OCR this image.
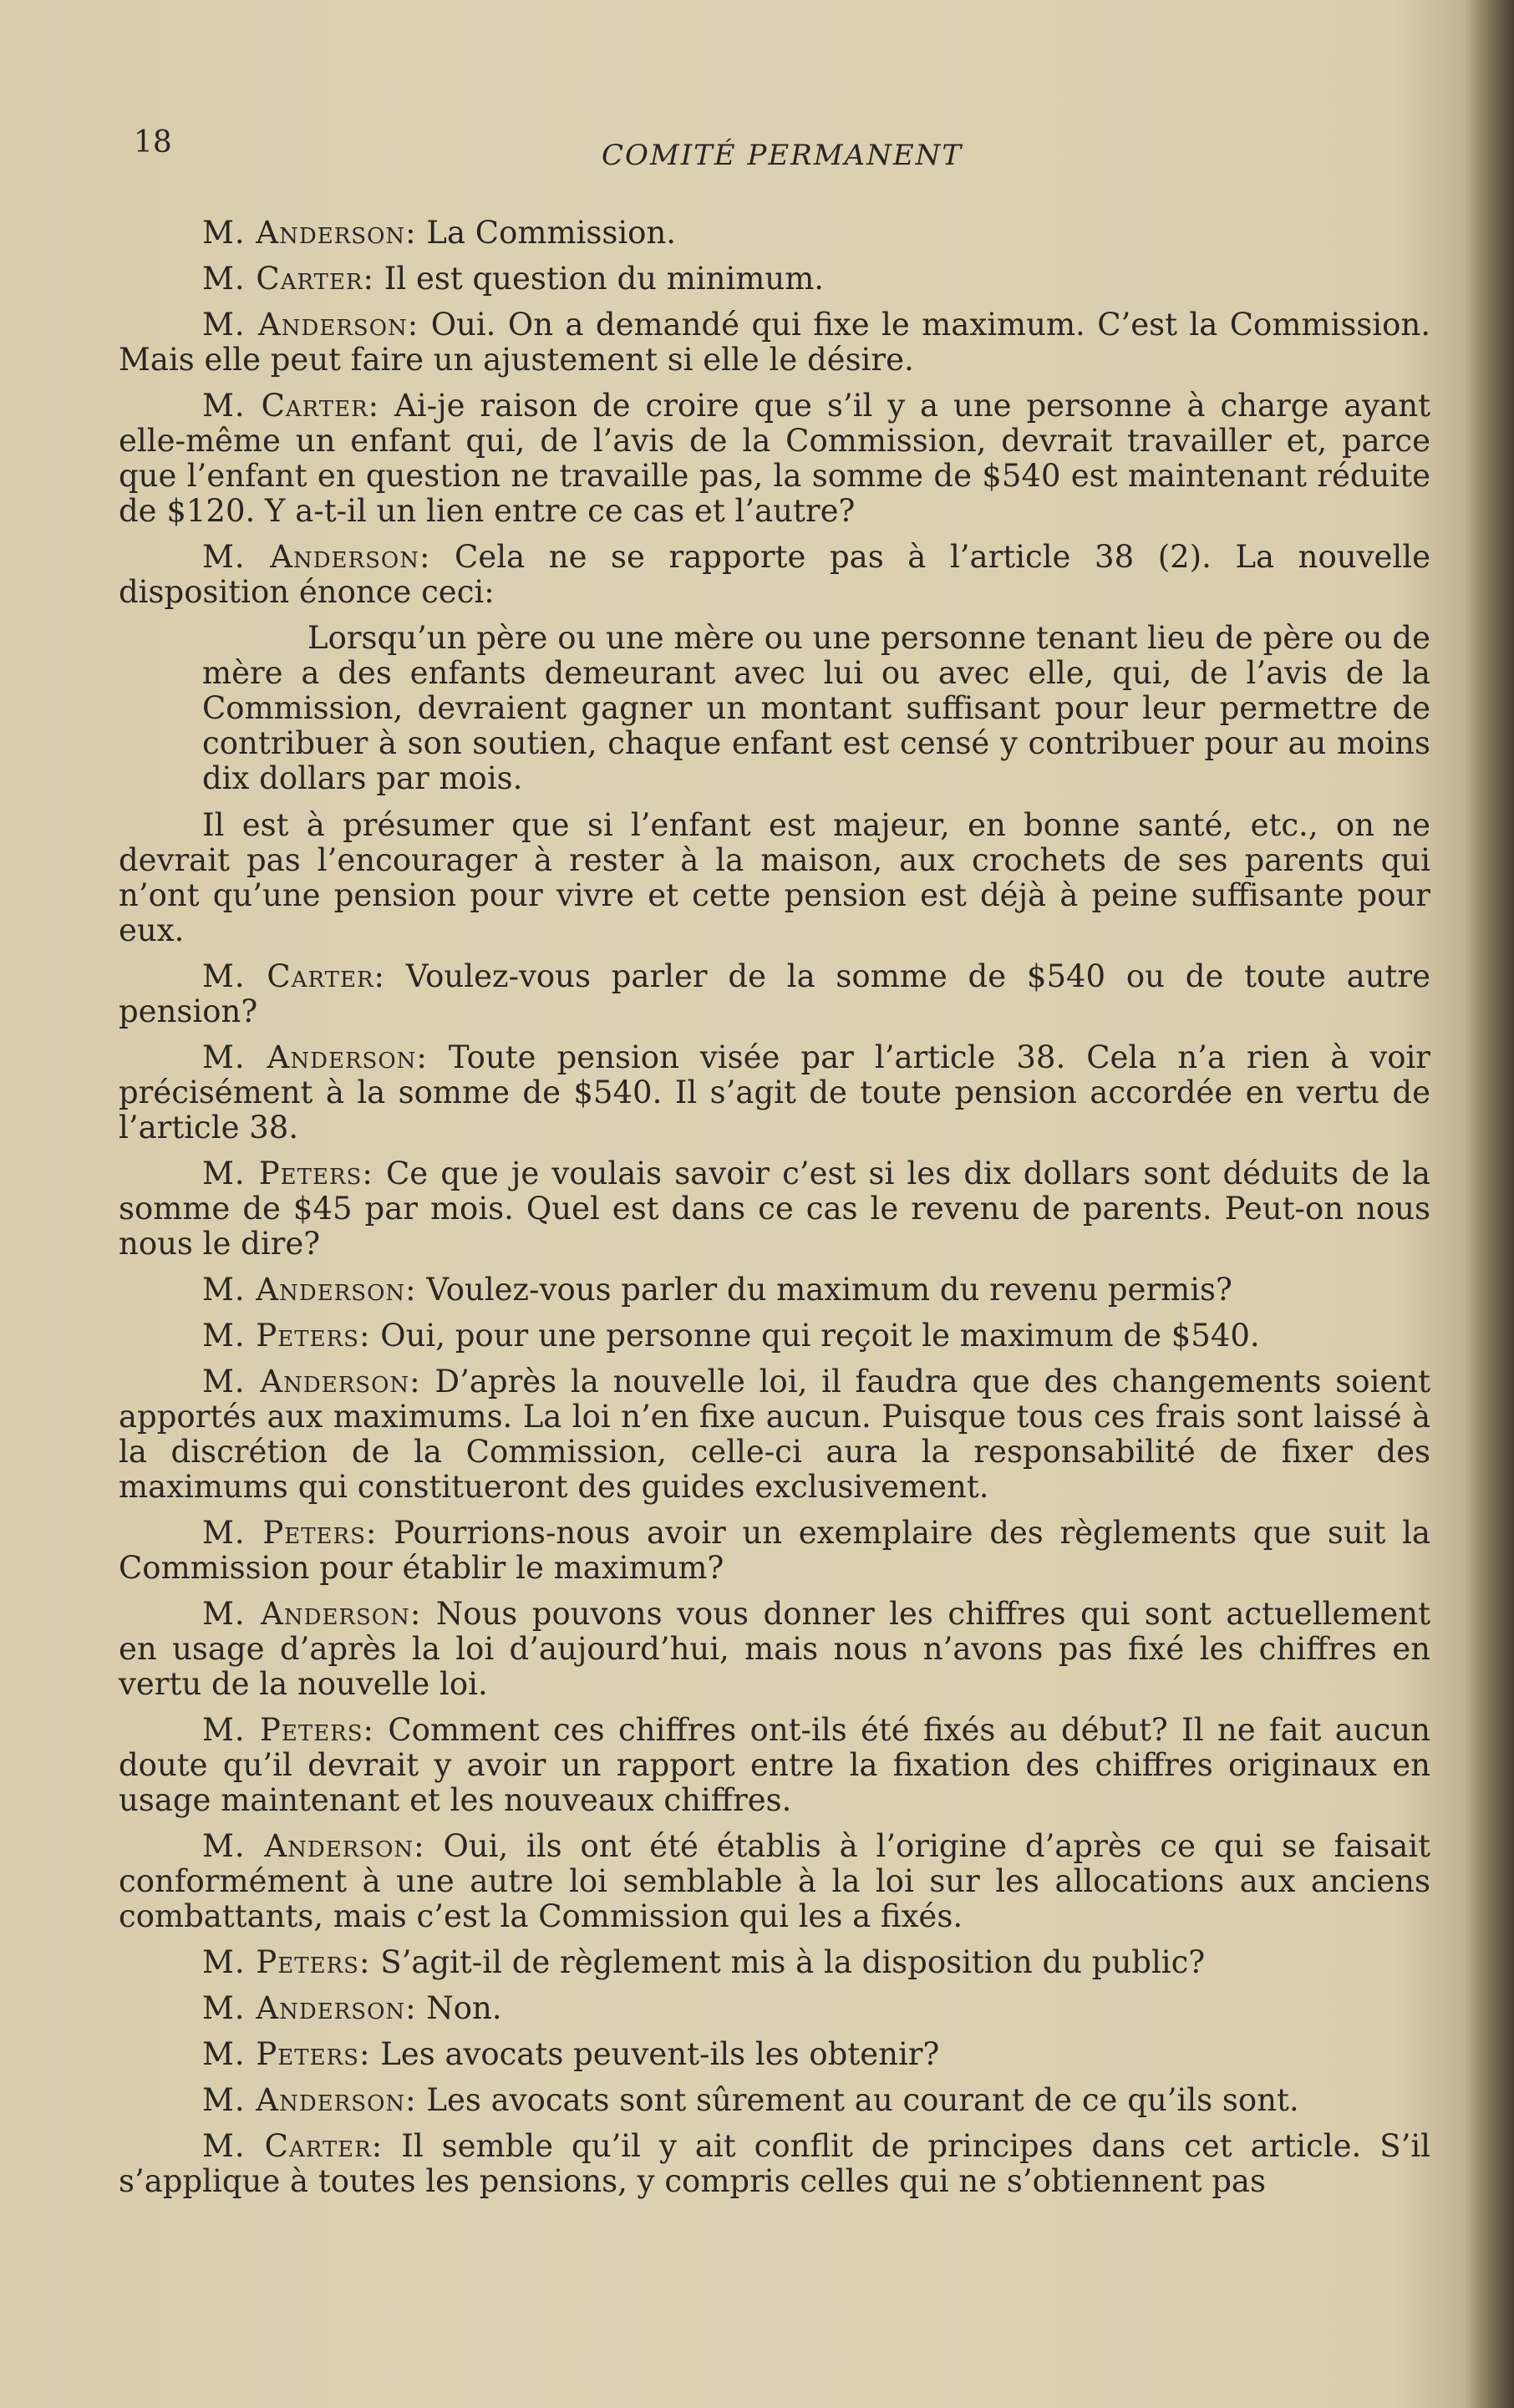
18	COMITÉ PERMANENT

M. Anderson: La Commission.

M. Carter: Il est question du minimum.

M. Anderson: Oui. On a demandé qui fixe le maximum. C’est la Commission. Mais elle peut faire un ajustement si elle le désire.

M. Carter: Ai-je raison de croire que s’il y a une personne à charge ayant elle-même un enfant qui, de l’avis de la Commission, devrait travailler et, parce que l’enfant en question ne travaille pas, la somme de $540 est maintenant réduite de $120. Y a-t-il un lien entre ce cas et l’autre?

M. Anderson: Cela ne se rapporte pas à l’article 38 (2). La nouvelle disposition énonce ceci:

Lorsqu’un père ou une mère ou une personne tenant lieu de père ou de mère a des enfants demeurant avec lui ou avec elle, qui, de l’avis de la Commission, devraient gagner un montant suffisant pour leur permettre de contribuer à son soutien, chaque enfant est censé y contribuer pour au moins dix dollars par mois.

Il est à présumer que si l’enfant est majeur, en bonne santé, etc., on ne devrait pas l’encourager à rester à la maison, aux crochets de ses parents qui n’ont qu’une pension pour vivre et cette pension est déjà à peine suffisante pour eux.

M. Carter: Voulez-vous parler de la somme de $540 ou de toute autre pension?

M. Anderson: Toute pension visée par l’article 38. Cela n’a rien à voir précisément à la somme de $540. Il s’agit de toute pension accordée en vertu de l’article 38.

M. Peters: Ce que je voulais savoir c’est si les dix dollars sont déduits de la somme de $45 par mois. Quel est dans ce cas le revenu de parents. Peut-on nous nous le dire?

M. Anderson: Voulez-vous parler du maximum du revenu permis?

M. Peters: Oui, pour une personne qui reçoit le maximum de $540.

M. Anderson: D’après la nouvelle loi, il faudra que des changements soient apportés aux maximums. La loi n’en fixe aucun. Puisque tous ces frais sont laissé à la discrétion de la Commission, celle-ci aura la responsabilité de fixer des maximums qui constitueront des guides exclusivement.

M. Peters: Pourrions-nous avoir un exemplaire des règlements que suit la Commission pour établir le maximum?

M. Anderson: Nous pouvons vous donner les chiffres qui sont actuellement en usage d’après la loi d’aujourd’hui, mais nous n’avons pas fixé les chiffres en vertu de la nouvelle loi.

M. Peters: Comment ces chiffres ont-ils été fixés au début? Il ne fait aucun doute qu’il devrait y avoir un rapport entre la fixation des chiffres originaux en usage maintenant et les nouveaux chiffres.

M. Anderson: Oui, ils ont été établis à l’origine d’après ce qui se faisait conformément à une autre loi semblable à la loi sur les allocations aux anciens combattants, mais c’est la Commission qui les a fixés.

M. Peters: S’agit-il de règlement mis à la disposition du public?

M. Anderson: Non.

M. Peters: Les avocats peuvent-ils les obtenir?

M. Anderson: Les avocats sont sûrement au courant de ce qu’ils sont.

M. Carter: Il semble qu’il y ait conflit de principes dans cet article. S’il s’applique à toutes les pensions, y compris celles qui ne s’obtiennent pas
